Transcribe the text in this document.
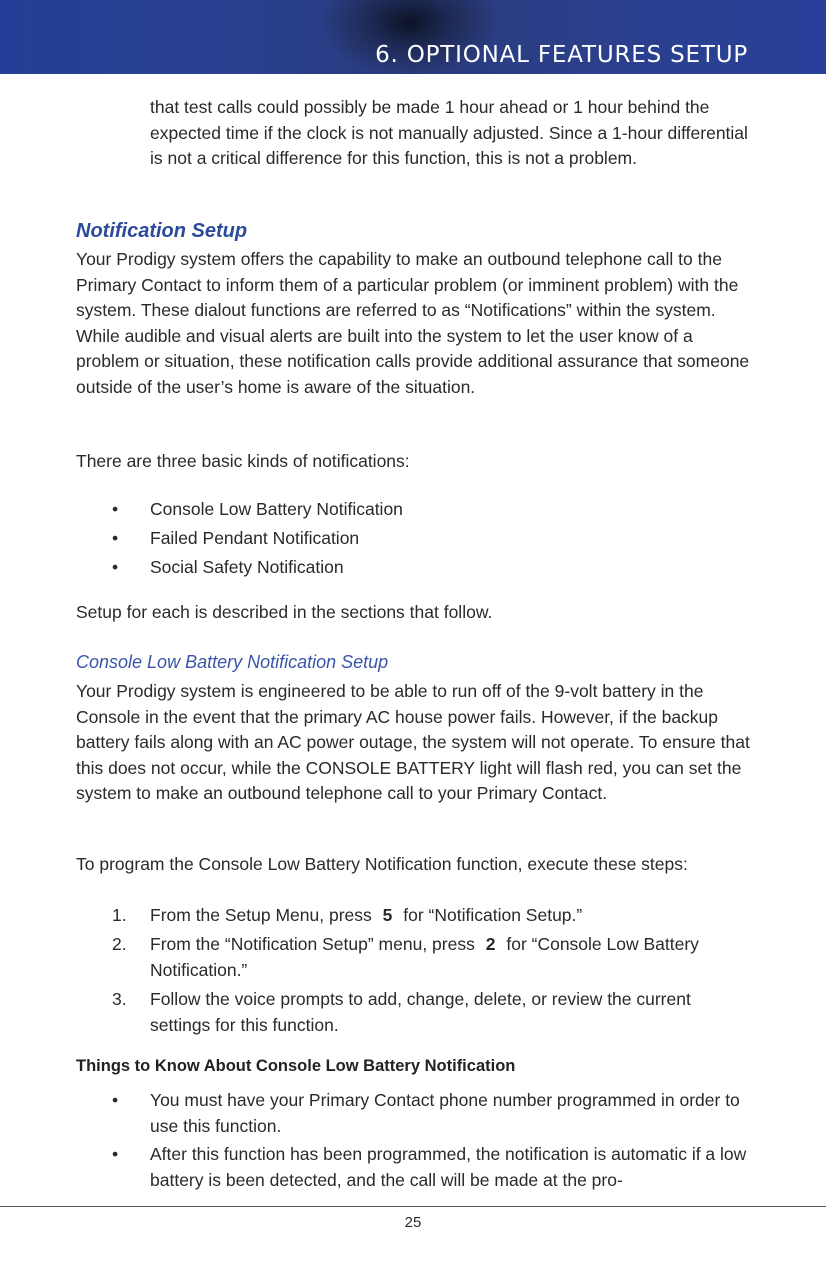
6. OPTIONAL FEATURES SETUP

that test calls could possibly be made 1 hour ahead or 1 hour behind the expected time if the clock is not manually adjusted. Since a 1-hour differential is not a critical difference for this function, this is not a problem.

Notification Setup

Your Prodigy system offers the capability to make an outbound telephone call to the Primary Contact to inform them of a particular problem (or imminent problem) with the system. These dialout functions are referred to as “Notifications” within the system. While audible and visual alerts are built into the system to let the user know of a problem or situation, these notification calls provide additional assurance that someone outside of the user’s home is aware of the situation.

There are three basic kinds of notifications:

• Console Low Battery Notification
• Failed Pendant Notification
• Social Safety Notification

Setup for each is described in the sections that follow.

Console Low Battery Notification Setup

Your Prodigy system is engineered to be able to run off of the 9-volt battery in the Console in the event that the primary AC house power fails. However, if the backup battery fails along with an AC power outage, the system will not operate. To ensure that this does not occur, while the CONSOLE BATTERY light will flash red, you can set the system to make an outbound telephone call to your Primary Contact.

To program the Console Low Battery Notification function, execute these steps:

1. From the Setup Menu, press 5 for “Notification Setup.”
2. From the “Notification Setup” menu, press 2 for “Console Low Battery Notification.”
3. Follow the voice prompts to add, change, delete, or review the current settings for this function.
Things to Know About Console Low Battery Notification
• You must have your Primary Contact phone number programmed in order to use this function.
• After this function has been programmed, the notification is automatic if a low battery is been detected, and the call will be made at the pro-
25
